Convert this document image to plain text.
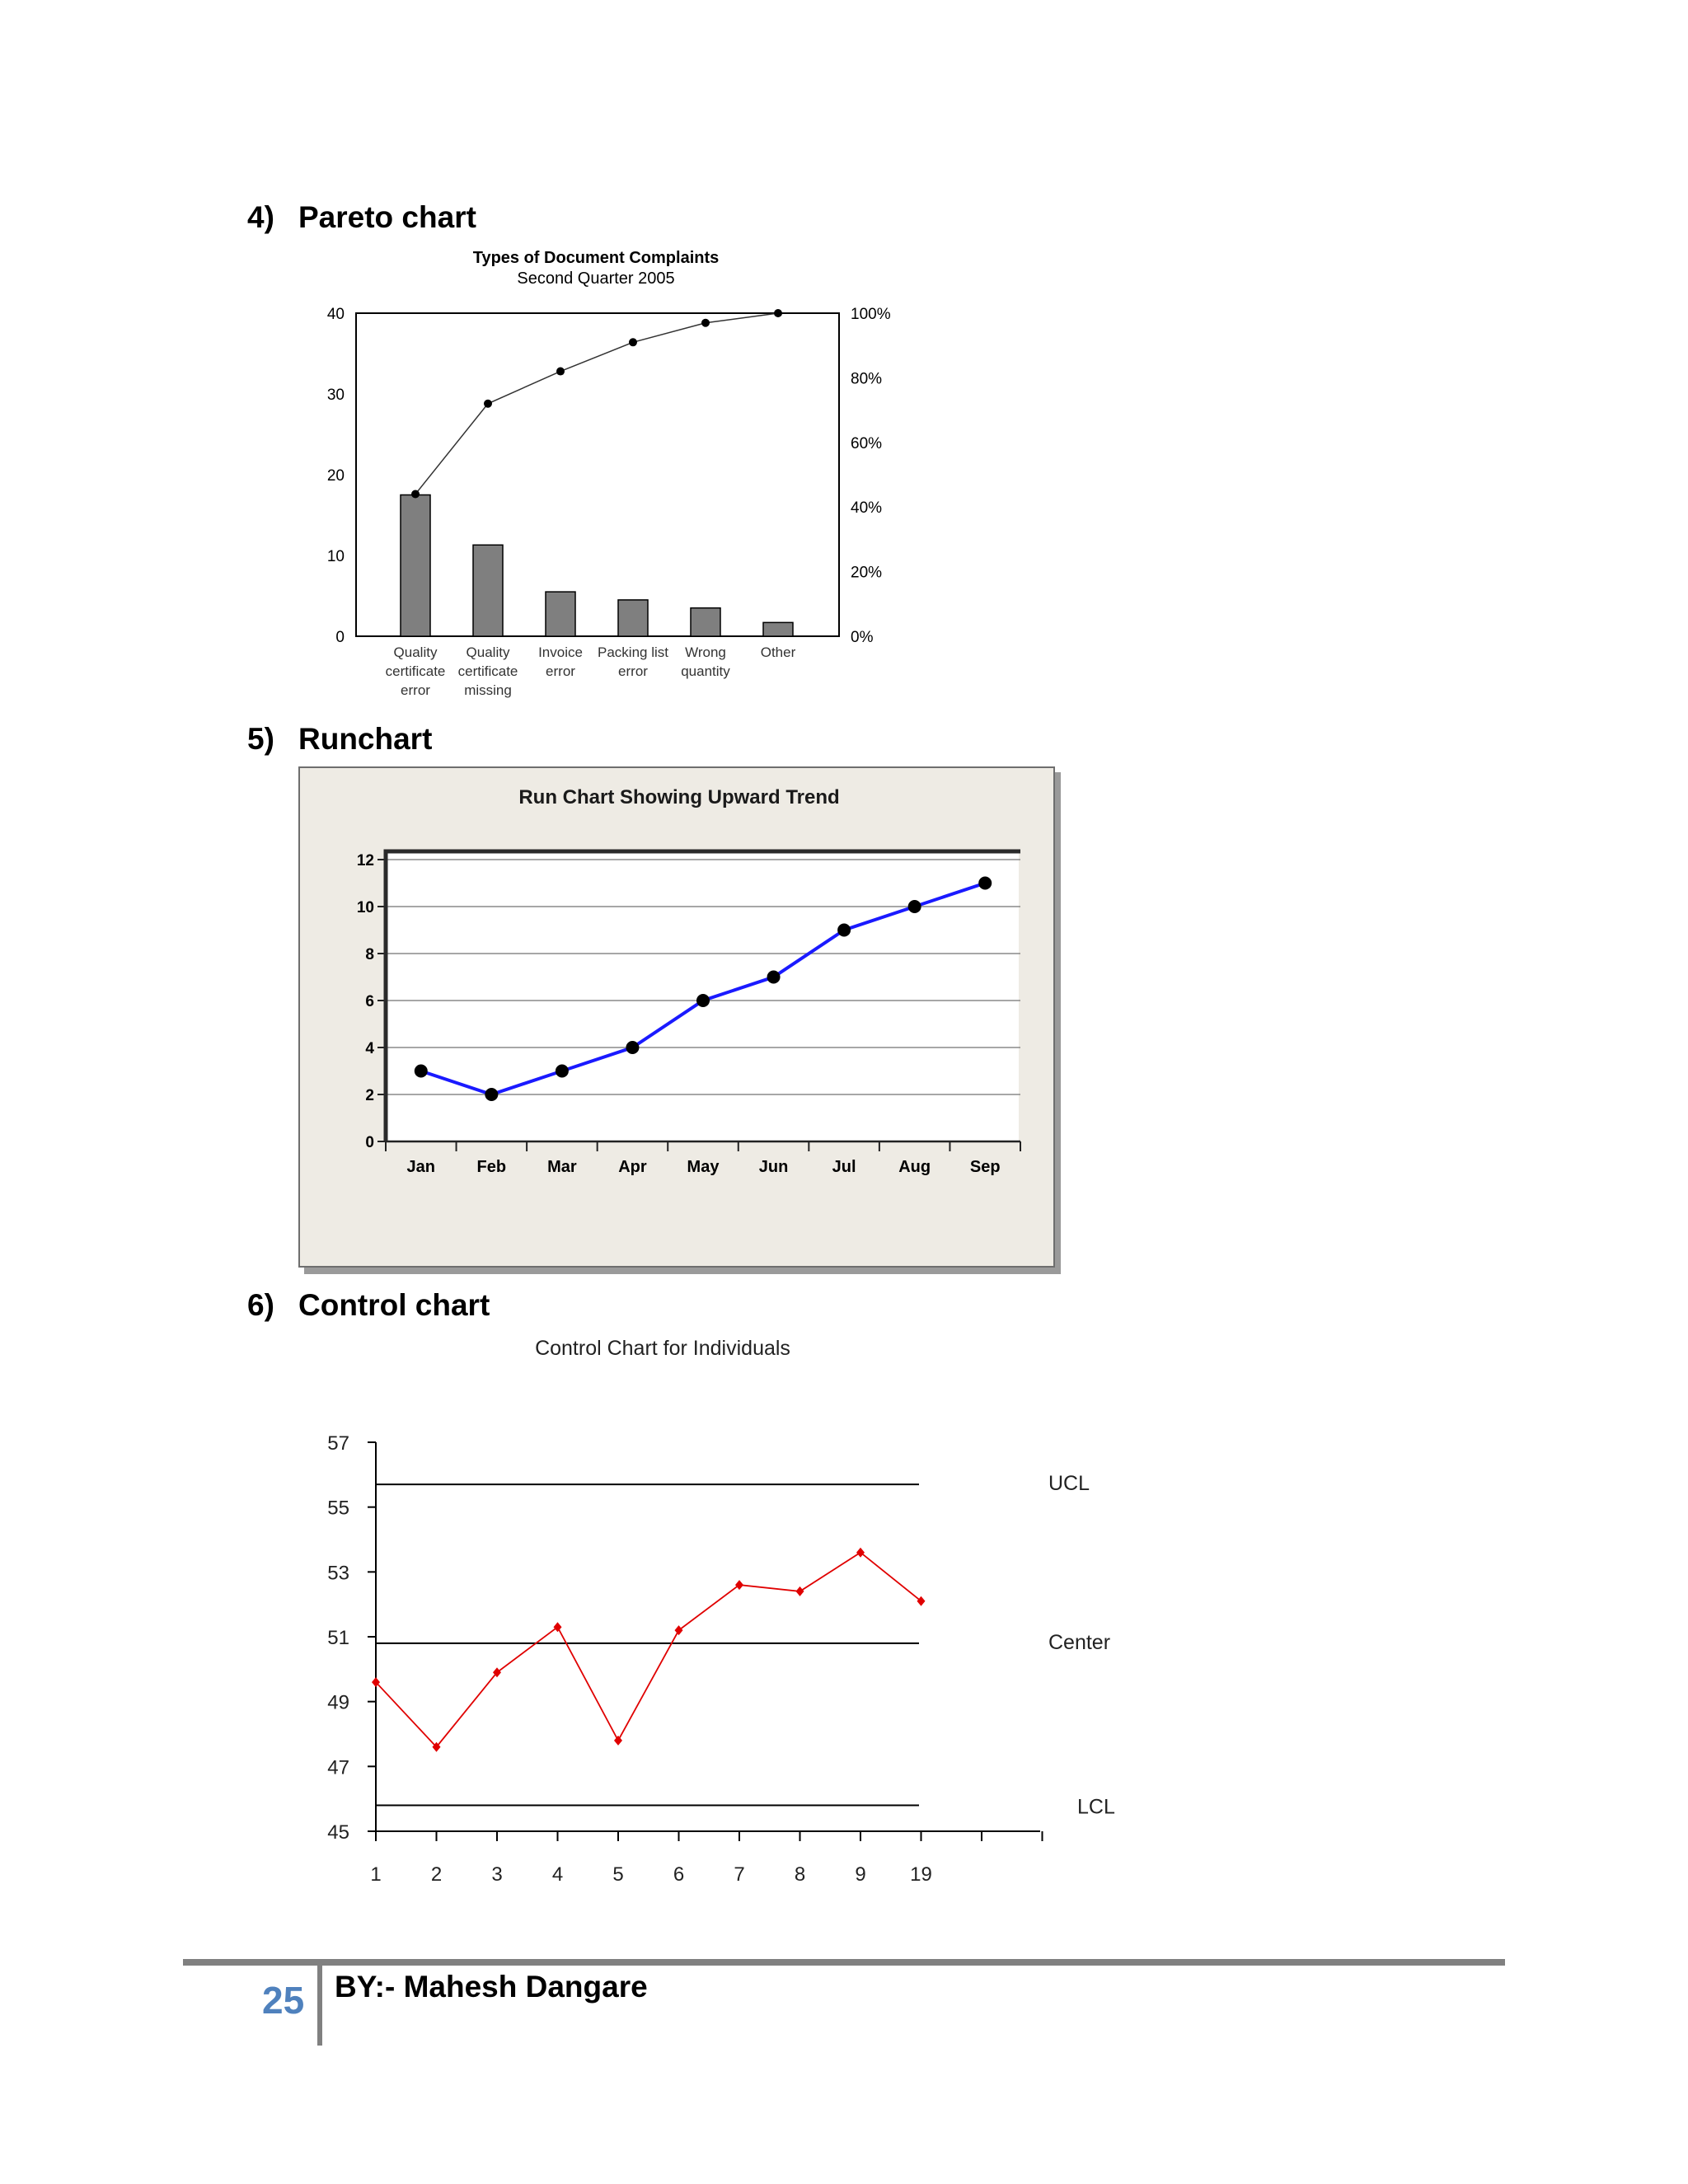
4) Pareto chart
5) Runchart
6) Control chart
Types of Document Complaints
Second Quarter 2005
0
10
20
30
40
0%
20%
40%
60%
80%
100%
Quality
certificate
error
Quality
certificate
missing
Invoice
error
Packing list
error
Wrong
quantity
Other
Run Chart Showing Upward Trend
0
2
4
6
8
10
12
Jan	Feb Mar	Apr May Jun	Jul	Aug Sep
Control Chart for Individuals
45
47
49
51
53
55
57
1	2	3	4	5	6	7	8	9 19
UCL
Center
LCL
25 BY:- Mahesh Dangare
